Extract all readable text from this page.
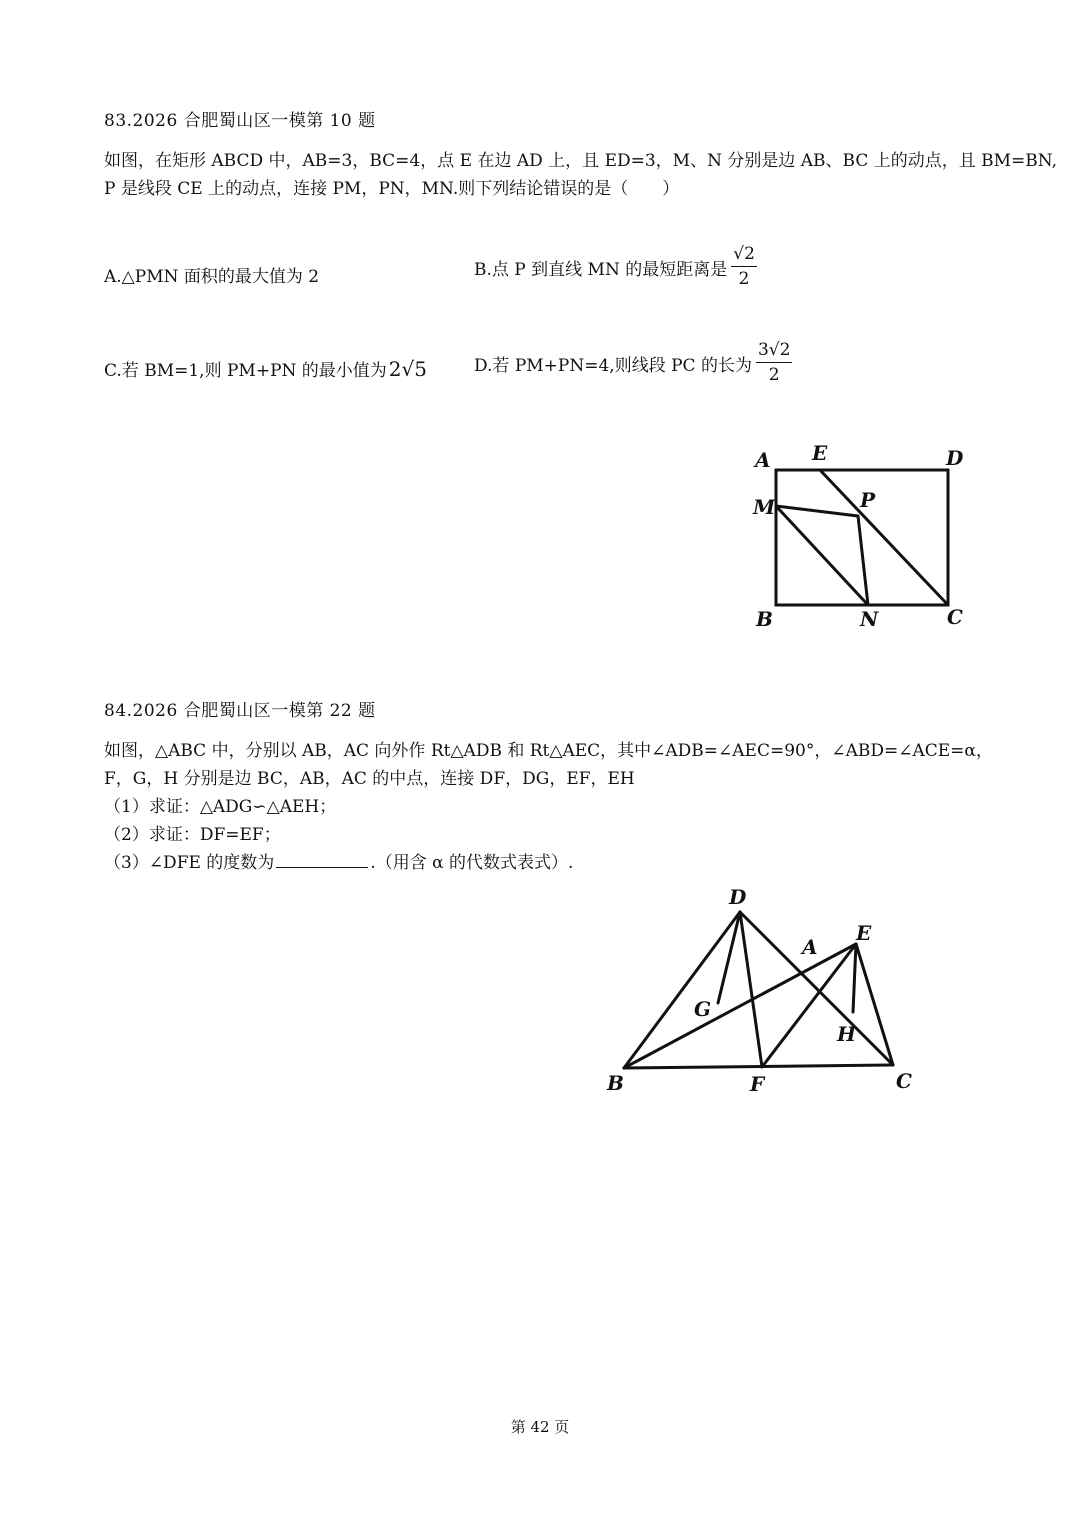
83.2026 合肥蜀山区一模第 10 题
如图，在矩形 ABCD 中，AB=3，BC=4，点 E 在边 AD 上，且 ED=3，M、N 分别是边 AB、BC 上的动点，且 BM=BN,
P 是线段 CE 上的动点，连接 PM，PN，MN.则下列结论错误的是（　　）
A.△PMN 面积的最大值为 2	B.点 P 到直线 MN 的最短距离是 $\frac{√2}{2}$
C.若 BM=1,则 PM+PN 的最小值为 2√5	D.若 PM+PN=4,则线段 PC 的长为 $\frac{3√2}{2}$
A E	D
M	P
B	N	C
84.2026 合肥蜀山区一模第 22 题
如图，△ABC 中，分别以 AB，AC 向外作 Rt△ADB 和 Rt△AEC，其中∠ADB=∠AEC=90°，∠ABD=∠ACE=α，
F，G，H 分别是边 BC，AB，AC 的中点，连接 DF，DG，EF，EH
（1）求证：△ADG∽△AEH；
（2）求证：DF=EF；
（3）∠DFE 的度数为	.（用含 α 的代数式表式）.
D
A
E
G
H
B	F	C
第 42 页
